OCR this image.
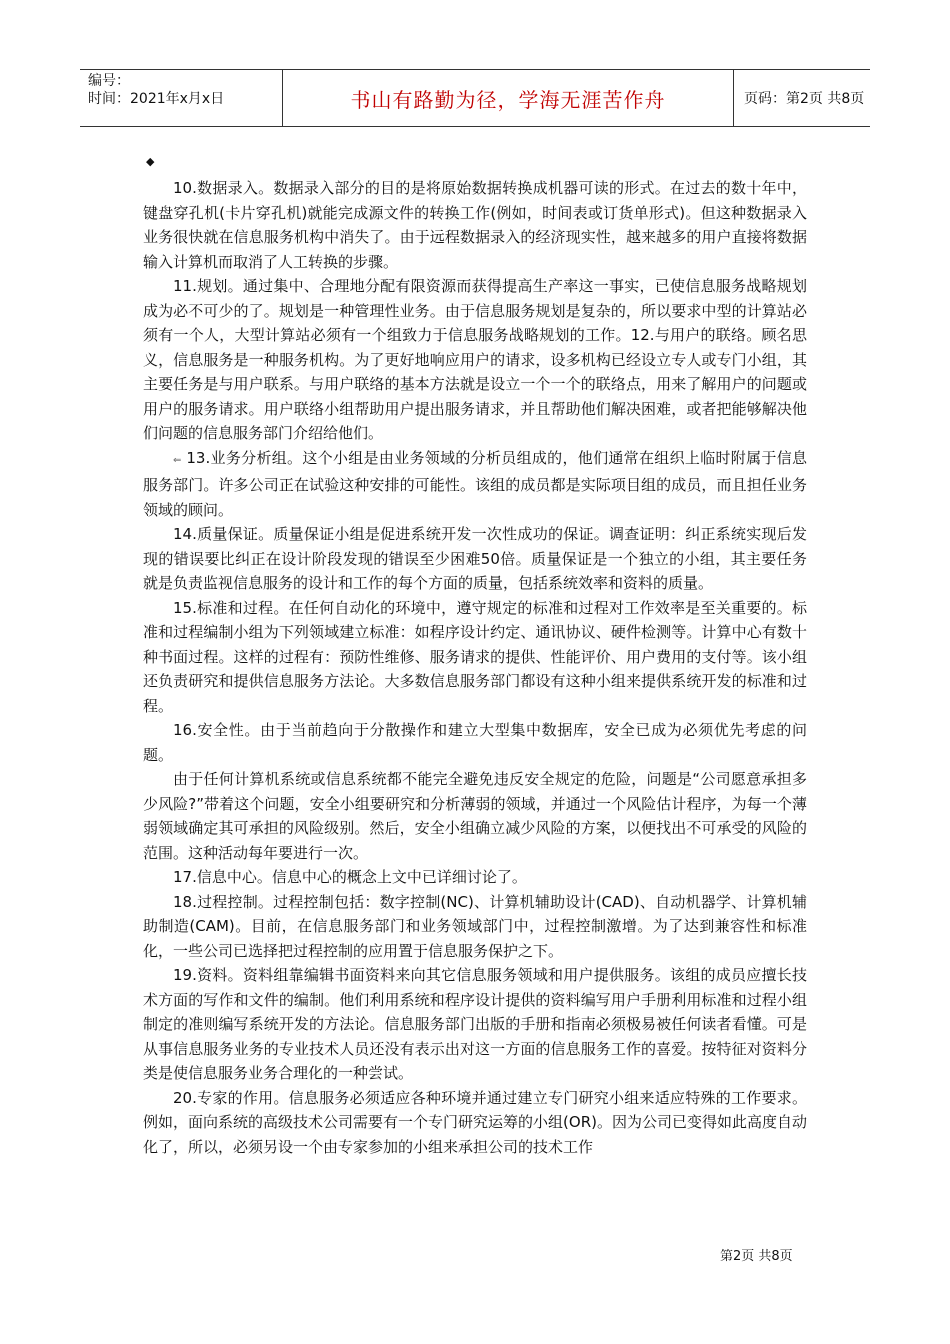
编号：
时间：2021年x月x日	书山有路勤为径，学海无涯苦作舟	页码：第2页 共8页
◆

10.数据录入。数据录入部分的目的是将原始数据转换成机器可读的形式。在过去的数十年中，键盘穿孔机(卡片穿孔机)就能完成源文件的转换工作(例如，时间表或订货单形式)。但这种数据录入业务很快就在信息服务机构中消失了。由于远程数据录入的经济现实性，越来越多的用户直接将数据输入计算机而取消了人工转换的步骤。

11.规划。通过集中、合理地分配有限资源而获得提高生产率这一事实，已使信息服务战略规划成为必不可少的了。规划是一种管理性业务。由于信息服务规划是复杂的，所以要求中型的计算站必须有一个人，大型计算站必须有一个组致力于信息服务战略规划的工作。12.与用户的联络。顾名思义，信息服务是一种服务机构。为了更好地响应用户的请求，设多机构已经设立专人或专门小组，其主要任务是与用户联系。与用户联络的基本方法就是设立一个一个的联络点，用来了解用户的问题或用户的服务请求。用户联络小组帮助用户提出服务请求，并且帮助他们解决困难，或者把能够解决他们问题的信息服务部门介绍给他们。

⇐ 13.业务分析组。这个小组是由业务领域的分析员组成的，他们通常在组织上临时附属于信息服务部门。许多公司正在试验这种安排的可能性。该组的成员都是实际项目组的成员，而且担任业务领域的顾问。

14.质量保证。质量保证小组是促进系统开发一次性成功的保证。调查证明：纠正系统实现后发现的错误要比纠正在设计阶段发现的错误至少困难50倍。质量保证是一个独立的小组，其主要任务就是负责监视信息服务的设计和工作的每个方面的质量，包括系统效率和资料的质量。

15.标准和过程。在任何自动化的环境中，遵守规定的标准和过程对工作效率是至关重要的。标准和过程编制小组为下列领域建立标准：如程序设计约定、通讯协议、硬件检测等。计算中心有数十种书面过程。这样的过程有：预防性维修、服务请求的提供、性能评价、用户费用的支付等。该小组还负责研究和提供信息服务方法论。大多数信息服务部门都设有这种小组来提供系统开发的标准和过程。

16.安全性。由于当前趋向于分散操作和建立大型集中数据库，安全已成为必须优先考虑的问题。

由于任何计算机系统或信息系统都不能完全避免违反安全规定的危险，问题是“公司愿意承担多少风险?”带着这个问题，安全小组要研究和分析薄弱的领域，并通过一个风险估计程序，为每一个薄弱领域确定其可承担的风险级别。然后，安全小组确立减少风险的方案，以便找出不可承受的风险的范围。这种活动每年要进行一次。

17.信息中心。信息中心的概念上文中已详细讨论了。

18.过程控制。过程控制包括：数字控制(NC)、计算机辅助设计(CAD)、自动机器学、计算机辅助制造(CAM)。目前，在信息服务部门和业务领域部门中，过程控制激增。为了达到兼容性和标准化，一些公司已选择把过程控制的应用置于信息服务保护之下。

19.资料。资料组靠编辑书面资料来向其它信息服务领域和用户提供服务。该组的成员应擅长技术方面的写作和文件的编制。他们利用系统和程序设计提供的资料编写用户手册利用标准和过程小组制定的准则编写系统开发的方法论。信息服务部门出版的手册和指南必须极易被任何读者看懂。可是从事信息服务业务的专业技术人员还没有表示出对这一方面的信息服务工作的喜爱。按特征对资料分类是使信息服务业务合理化的一种尝试。

20.专家的作用。信息服务必须适应各种环境并通过建立专门研究小组来适应特殊的工作要求。例如，面向系统的高级技术公司需要有一个专门研究运筹的小组(OR)。因为公司已变得如此高度自动化了，所以，必须另设一个由专家参加的小组来承担公司的技术工作

第2页 共8页
